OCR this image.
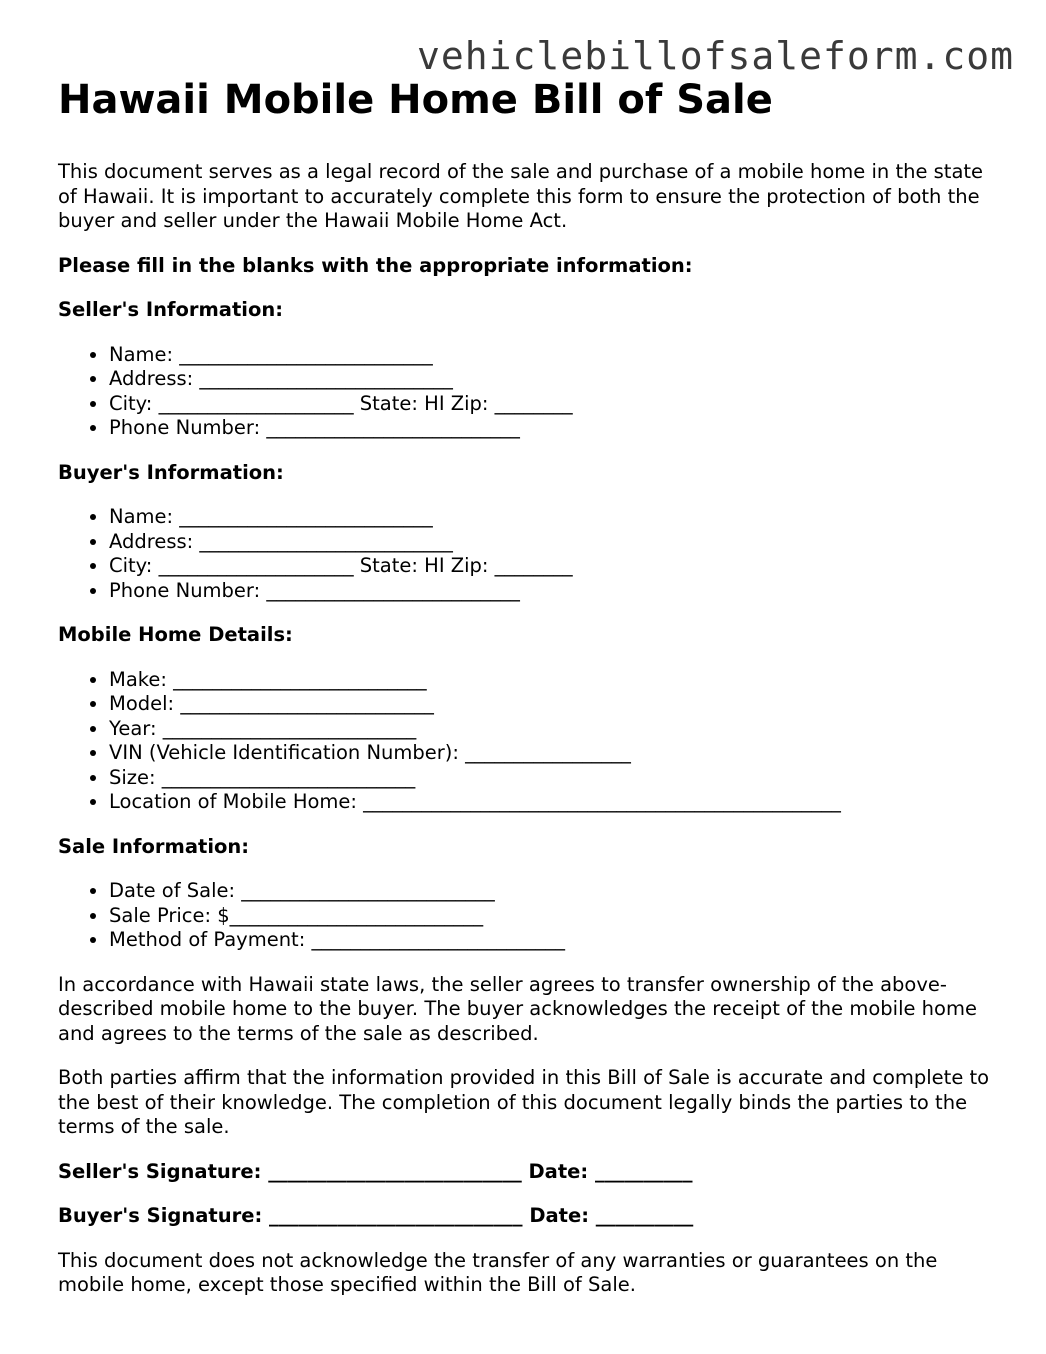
vehiclebillofsaleform.com
Hawaii Mobile Home Bill of Sale

This document serves as a legal record of the sale and purchase of a mobile home in the state of Hawaii. It is important to accurately complete this form to ensure the protection of both the buyer and seller under the Hawaii Mobile Home Act.

Please fill in the blanks with the appropriate information:

Seller's Information:

• Name: __________________________
• Address: __________________________
• City: ____________________ State: HI Zip: ________
• Phone Number: __________________________

Buyer's Information:

• Name: __________________________
• Address: __________________________
• City: ____________________ State: HI Zip: ________
• Phone Number: __________________________

Mobile Home Details:

• Make: __________________________
• Model: __________________________
• Year: __________________________
• VIN (Vehicle Identification Number): _________________
• Size: __________________________
• Location of Mobile Home: _________________________________________________

Sale Information:

• Date of Sale: __________________________
• Sale Price: $__________________________
• Method of Payment: __________________________

In accordance with Hawaii state laws, the seller agrees to transfer ownership of the above-described mobile home to the buyer. The buyer acknowledges the receipt of the mobile home and agrees to the terms of the sale as described.

Both parties affirm that the information provided in this Bill of Sale is accurate and complete to the best of their knowledge. The completion of this document legally binds the parties to the terms of the sale.

Seller's Signature: __________________________ Date: __________

Buyer's Signature: __________________________ Date: __________

This document does not acknowledge the transfer of any warranties or guarantees on the mobile home, except those specified within the Bill of Sale.
